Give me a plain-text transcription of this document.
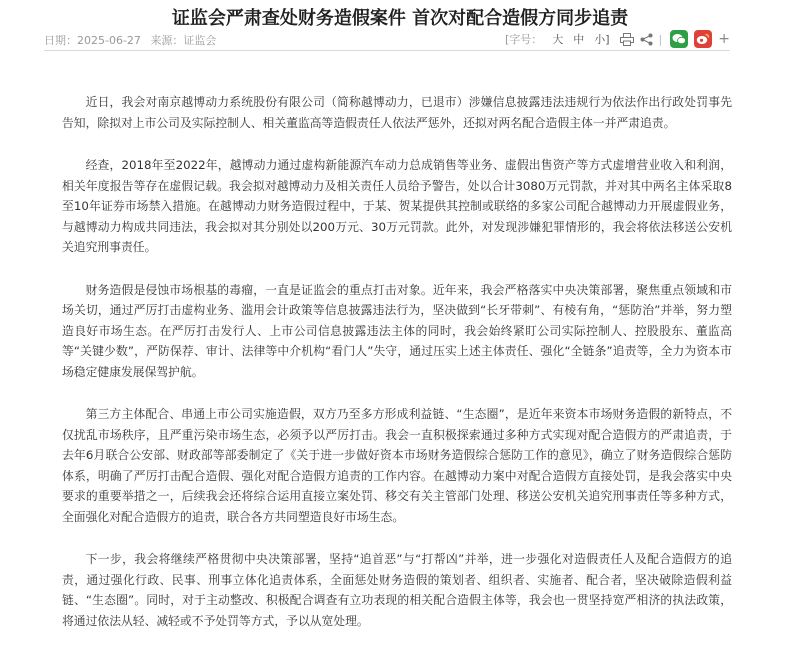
证监会严肃查处财务造假案件 首次对配合造假方同步追责
日期：2025-06-27 来源：证监会	[字号： 大 中 小]	|	+

近日，我会对南京越博动力系统股份有限公司（简称越博动力，已退市）涉嫌信息披露违法违规行为依法作出行政处罚事先告知，除拟对上市公司及实际控制人、相关董监高等造假责任人依法严惩外，还拟对两名配合造假主体一并严肃追责。

经查，2018年至2022年，越博动力通过虚构新能源汽车动力总成销售等业务、虚假出售资产等方式虚增营业收入和利润，相关年度报告等存在虚假记载。我会拟对越博动力及相关责任人员给予警告，处以合计3080万元罚款，并对其中两名主体采取8至10年证券市场禁入措施。在越博动力财务造假过程中，于某、贺某提供其控制或联络的多家公司配合越博动力开展虚假业务，与越博动力构成共同违法，我会拟对其分别处以200万元、30万元罚款。此外，对发现涉嫌犯罪情形的，我会将依法移送公安机关追究刑事责任。

财务造假是侵蚀市场根基的毒瘤，一直是证监会的重点打击对象。近年来，我会严格落实中央决策部署，聚焦重点领域和市场关切，通过严厉打击虚构业务、滥用会计政策等信息披露违法行为，坚决做到“长牙带刺”、有棱有角，“惩防治”并举，努力塑造良好市场生态。在严厉打击发行人、上市公司信息披露违法主体的同时，我会始终紧盯公司实际控制人、控股股东、董监高等“关键少数”，严防保荐、审计、法律等中介机构“看门人”失守，通过压实上述主体责任、强化“全链条”追责等，全力为资本市场稳定健康发展保驾护航。

第三方主体配合、串通上市公司实施造假，双方乃至多方形成利益链、“生态圈”，是近年来资本市场财务造假的新特点，不仅扰乱市场秩序，且严重污染市场生态，必须予以严厉打击。我会一直积极探索通过多种方式实现对配合造假方的严肃追责，于去年6月联合公安部、财政部等部委制定了《关于进一步做好资本市场财务造假综合惩防工作的意见》，确立了财务造假综合惩防体系，明确了严厉打击配合造假、强化对配合造假方追责的工作内容。在越博动力案中对配合造假方直接处罚，是我会落实中央要求的重要举措之一，后续我会还将综合运用直接立案处罚、移交有关主管部门处理、移送公安机关追究刑事责任等多种方式，全面强化对配合造假方的追责，联合各方共同塑造良好市场生态。

下一步，我会将继续严格贯彻中央决策部署，坚持“追首恶”与“打帮凶”并举，进一步强化对造假责任人及配合造假方的追责，通过强化行政、民事、刑事立体化追责体系，全面惩处财务造假的策划者、组织者、实施者、配合者，坚决破除造假利益链、“生态圈”。同时，对于主动整改、积极配合调查有立功表现的相关配合造假主体等，我会也一贯坚持宽严相济的执法政策，将通过依法从轻、减轻或不予处罚等方式，予以从宽处理。
